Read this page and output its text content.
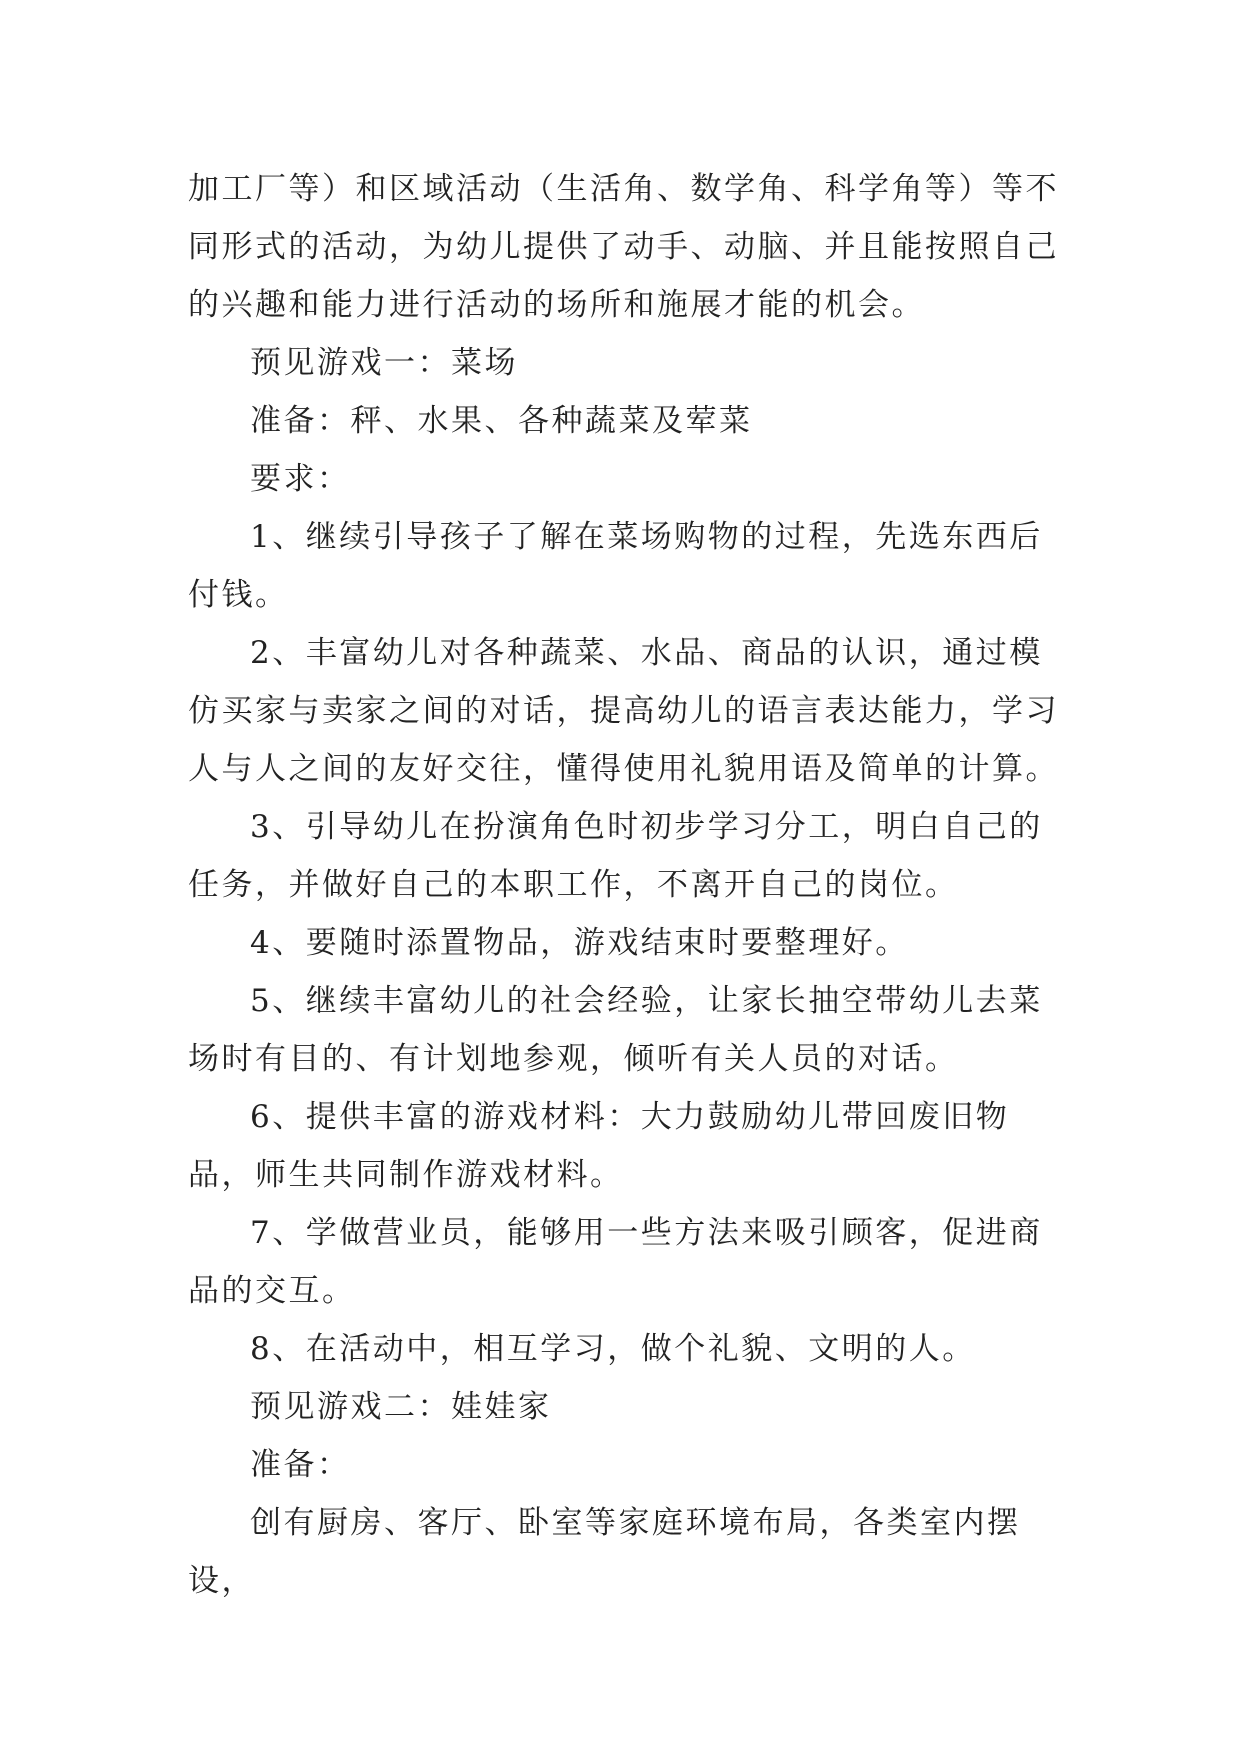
加工厂等）和区域活动（生活角、数学角、科学角等）等不同形式的活动，为幼儿提供了动手、动脑、并且能按照自己的兴趣和能力进行活动的场所和施展才能的机会。

预见游戏一：菜场

准备：秤、水果、各种蔬菜及荤菜

要求：

1、继续引导孩子了解在菜场购物的过程，先选东西后付钱。

2、丰富幼儿对各种蔬菜、水品、商品的认识，通过模仿买家与卖家之间的对话，提高幼儿的语言表达能力，学习人与人之间的友好交往，懂得使用礼貌用语及简单的计算。

3、引导幼儿在扮演角色时初步学习分工，明白自己的任务，并做好自己的本职工作，不离开自己的岗位。

4、要随时添置物品，游戏结束时要整理好。

5、继续丰富幼儿的社会经验，让家长抽空带幼儿去菜场时有目的、有计划地参观，倾听有关人员的对话。

6、提供丰富的游戏材料：大力鼓励幼儿带回废旧物品，师生共同制作游戏材料。

7、学做营业员，能够用一些方法来吸引顾客，促进商品的交互。

8、在活动中，相互学习，做个礼貌、文明的人。

预见游戏二：娃娃家

准备：

创有厨房、客厅、卧室等家庭环境布局，各类室内摆设，
